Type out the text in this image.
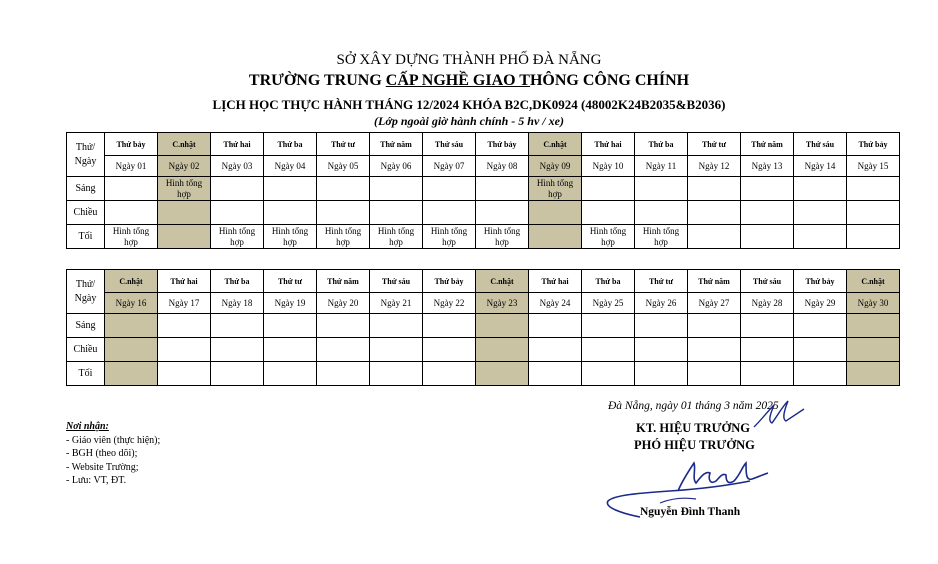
SỞ XÂY DỰNG THÀNH PHỐ ĐÀ NẴNG
TRƯỜNG TRUNG CẤP NGHỀ GIAO THÔNG CÔNG CHÍNH
LỊCH HỌC THỰC HÀNH THÁNG 12/2024 KHÓA B2C,DK0924 (48002K24B2035&B2036)
(Lớp ngoài giờ hành chính - 5 hv / xe)
Thứ/
Ngày	Thứ bảy	C.nhật	Thứ hai	Thứ ba	Thứ tư	Thứ năm	Thứ sáu	Thứ bảy	C.nhật	Thứ hai	Thứ ba	Thứ tư	Thứ năm	Thứ sáu	Thứ bảy
	Ngày 01	Ngày 02	Ngày 03	Ngày 04	Ngày 05	Ngày 06	Ngày 07	Ngày 08	Ngày 09	Ngày 10	Ngày 11	Ngày 12	Ngày 13	Ngày 14	Ngày 15
Sáng		Hình tổng hợp							Hình tổng hợp						
Chiều															
Tối	Hình tổng hợp		Hình tổng hợp	Hình tổng hợp	Hình tổng hợp	Hình tổng hợp	Hình tổng hợp	Hình tổng hợp		Hình tổng hợp	Hình tổng hợp				
Thứ/
Ngày	C.nhật	Thứ hai	Thứ ba	Thứ tư	Thứ năm	Thứ sáu	Thứ bảy	C.nhật	Thứ hai	Thứ ba	Thứ tư	Thứ năm	Thứ sáu	Thứ bảy	C.nhật
	Ngày 16	Ngày 17	Ngày 18	Ngày 19	Ngày 20	Ngày 21	Ngày 22	Ngày 23	Ngày 24	Ngày 25	Ngày 26	Ngày 27	Ngày 28	Ngày 29	Ngày 30
Sáng															
Chiều															
Tối															
Nơi nhận:
- Giáo viên (thực hiện);
- BGH (theo dõi);
- Website Trường;
- Lưu: VT, ĐT.
Đà Nẵng, ngày 01 tháng 3 năm 2025
KT. HIỆU TRƯỞNG
PHÓ HIỆU TRƯỞNG
Nguyễn Đình Thanh
